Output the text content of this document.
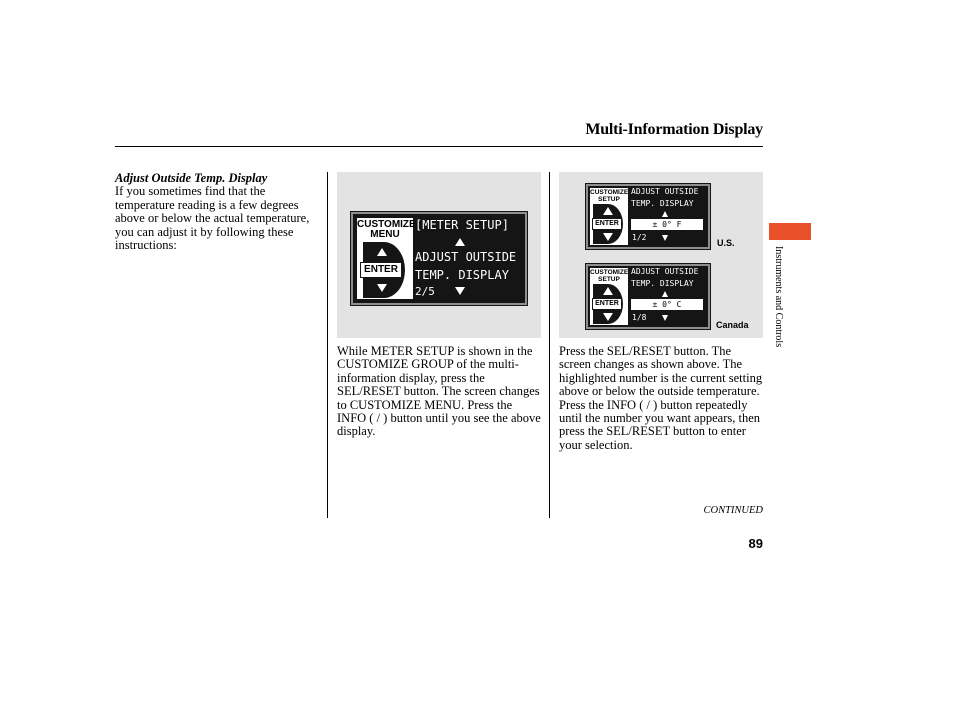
Multi-Information Display
Adjust Outside Temp. Display
If you sometimes find that the temperature reading is a few degrees above or below the actual temperature, you can adjust it by following these instructions:
CUSTOMIZE
MENU
ENTER
[METER SETUP]
ADJUST OUTSIDE
TEMP. DISPLAY
2/5
CUSTOMIZE
SETUP
ENTER
ADJUST OUTSIDE
TEMP. DISPLAY
± 0° F
1/2
U.S.
CUSTOMIZE
SETUP
ENTER
ADJUST OUTSIDE
TEMP. DISPLAY
± 0° C
1/8
Canada
While METER SETUP is shown in the CUSTOMIZE GROUP of the multi-information display, press the SEL/RESET button. The screen changes to CUSTOMIZE MENU. Press the INFO ( / ) button until you see the above display.
Press the SEL/RESET button. The screen changes as shown above. The highlighted number is the current setting above or below the outside temperature. Press the INFO ( / ) button repeatedly until the number you want appears, then press the SEL/RESET button to enter your selection.
Instruments and Controls
CONTINUED
89
